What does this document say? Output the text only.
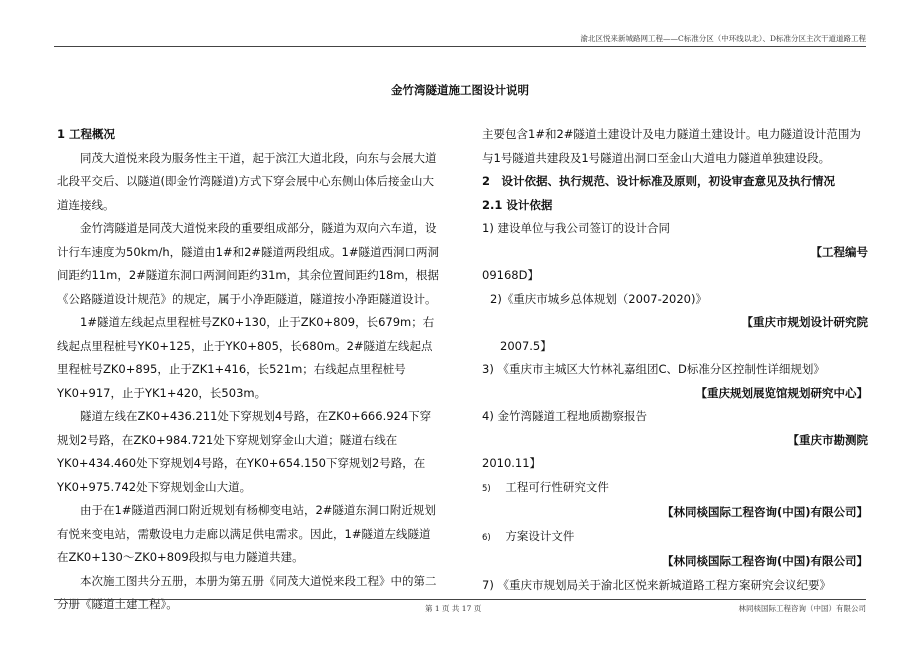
渝北区悦来新城路网工程——C标准分区（中环线以北）、D标准分区主次干道道路工程
金竹湾隧道施工图设计说明

1 工程概况

同茂大道悦来段为服务性主干道，起于滨江大道北段，向东与会展大道北段平交后、以隧道(即金竹湾隧道)方式下穿会展中心东侧山体后接金山大道连接线。

金竹湾隧道是同茂大道悦来段的重要组成部分，隧道为双向六车道，设计行车速度为50km/h，隧道由1#和2#隧道两段组成。1#隧道西洞口两洞间距约11m，2#隧道东洞口两洞间距约31m，其余位置间距约18m，根据《公路隧道设计规范》的规定，属于小净距隧道，隧道按小净距隧道设计。

1#隧道左线起点里程桩号ZK0+130，止于ZK0+809，长679m；右线起点里程桩号YK0+125，止于YK0+805，长680m。2#隧道左线起点里程桩号ZK0+895，止于ZK1+416，长521m；右线起点里程桩号YK0+917，止于YK1+420，长503m。

隧道左线在ZK0+436.211处下穿规划4号路，在ZK0+666.924下穿规划2号路，在ZK0+984.721处下穿规划穿金山大道；隧道右线在YK0+434.460处下穿规划4号路，在YK0+654.150下穿规划2号路，在YK0+975.742处下穿规划金山大道。

由于在1#隧道西洞口附近规划有杨柳变电站，2#隧道东洞口附近规划有悦来变电站，需敷设电力走廊以满足供电需求。因此，1#隧道左线隧道在ZK0+130～ZK0+809段拟与电力隧道共建。

本次施工图共分五册，本册为第五册《同茂大道悦来段工程》中的第二分册《隧道土建工程》。

主要包含1#和2#隧道土建设计及电力隧道土建设计。电力隧道设计范围为与1号隧道共建段及1号隧道出洞口至金山大道电力隧道单独建设段。

2　设计依据、执行规范、设计标准及原则，初设审查意见及执行情况

2.1 设计依据

1) 建设单位与我公司签订的设计合同

【工程编号

09168D】

2)《重庆市城乡总体规划（2007-2020)》

【重庆市规划设计研究院

2007.5】

3) 《重庆市主城区大竹林礼嘉组团C、D标准分区控制性详细规划》

【重庆规划展览馆规划研究中心】

4) 金竹湾隧道工程地质勘察报告

【重庆市勘测院

2010.11】

5) 工程可行性研究文件

【林同棪国际工程咨询(中国)有限公司】

6) 方案设计文件

【林同棪国际工程咨询(中国)有限公司】

7) 《重庆市规划局关于渝北区悦来新城道路工程方案研究会议纪要》

第 1 页 共 17 页	林同棪国际工程咨询（中国）有限公司
